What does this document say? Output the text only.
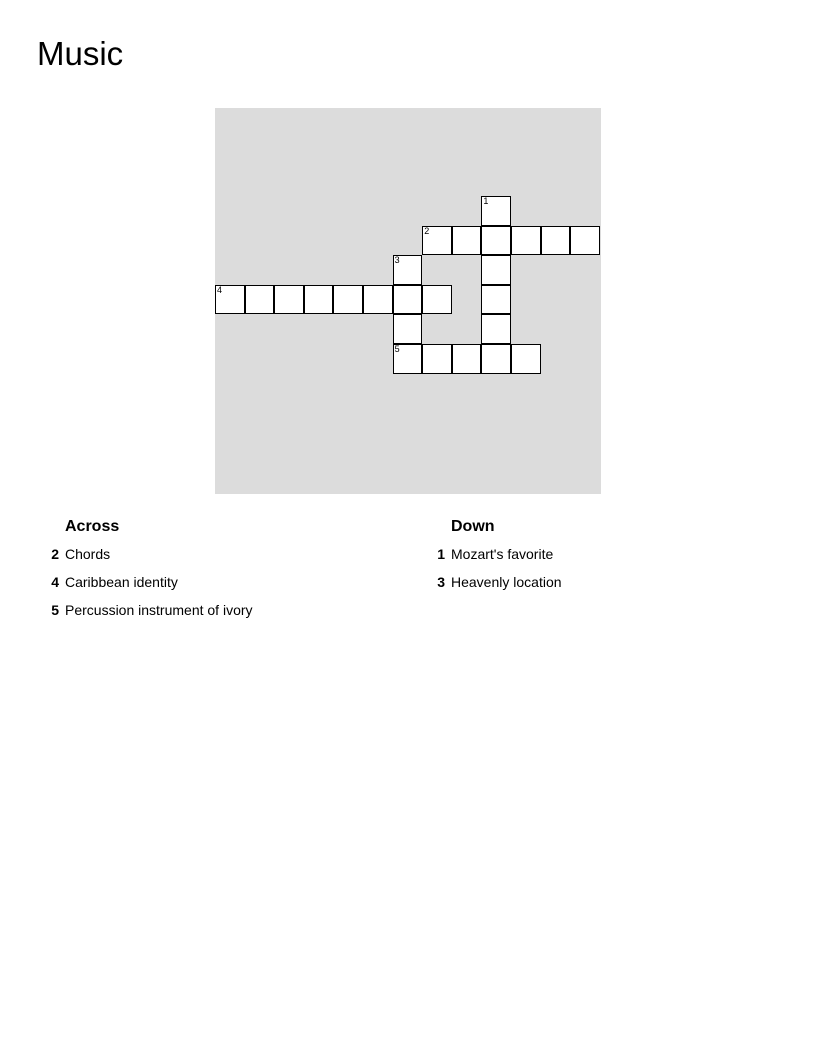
Music
1
2
3
4
5
Across
2 Chords
4 Caribbean identity
5 Percussion instrument of ivory
Down
1 Mozart's favorite
3 Heavenly location
